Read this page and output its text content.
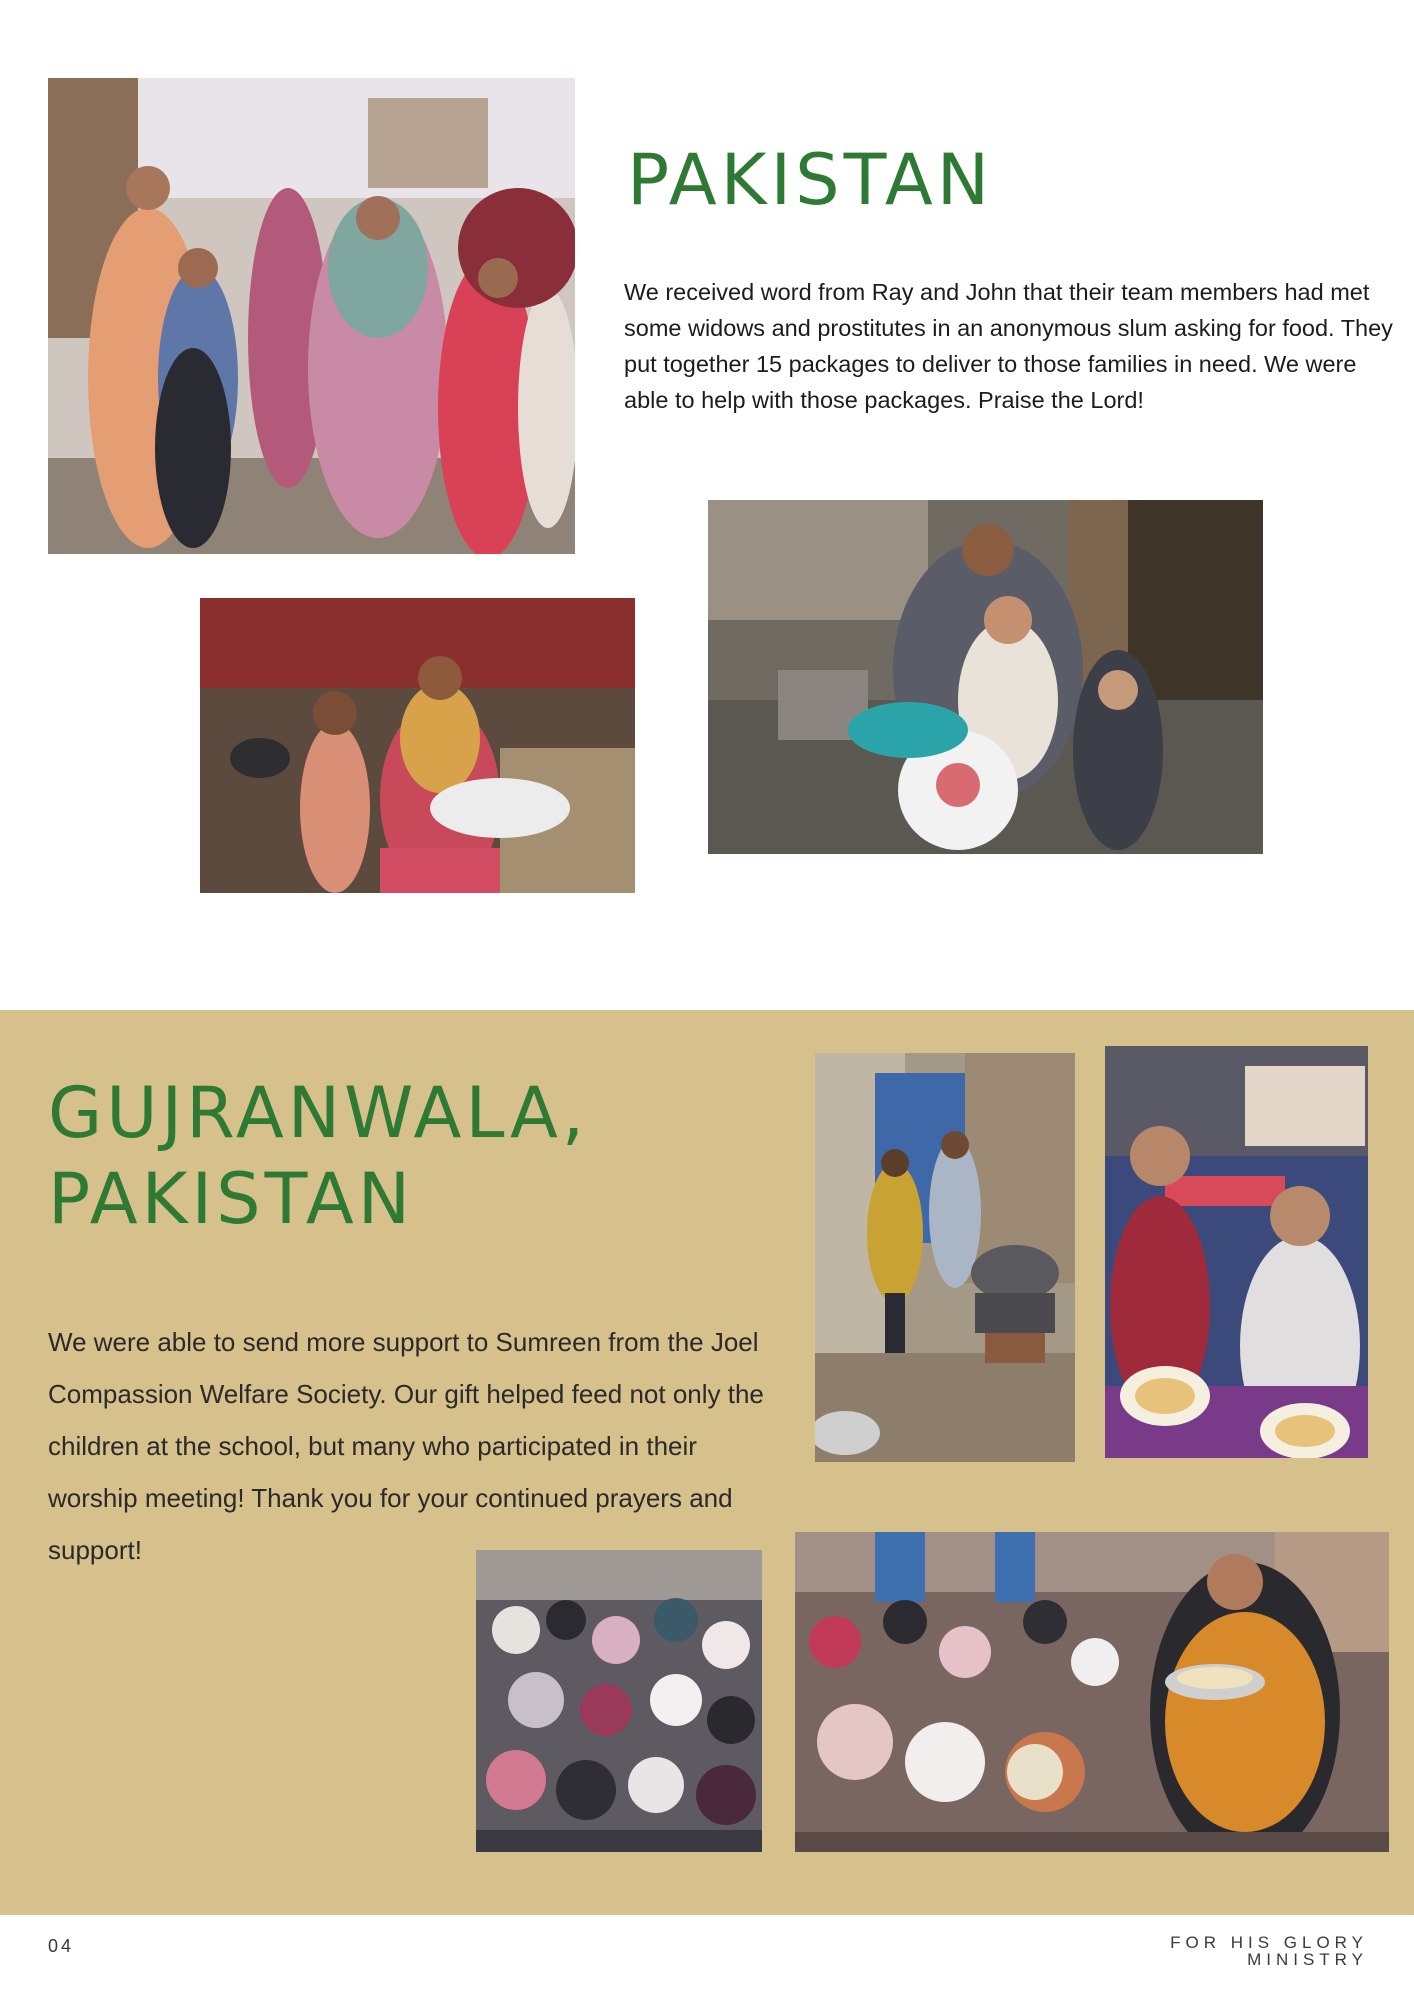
PAKISTAN

We received word from Ray and John that their team members had met some widows and prostitutes in an anonymous slum asking for food. They put together 15 packages to deliver to those families in need. We were able to help with those packages. Praise the Lord!

GUJRANWALA,
PAKISTAN

We were able to send more support to Sumreen from the Joel Compassion Welfare Society. Our gift helped feed not only the children at the school, but many who participated in their worship meeting! Thank you for your continued prayers and support!

04	FOR HIS GLORY
MINISTRY
